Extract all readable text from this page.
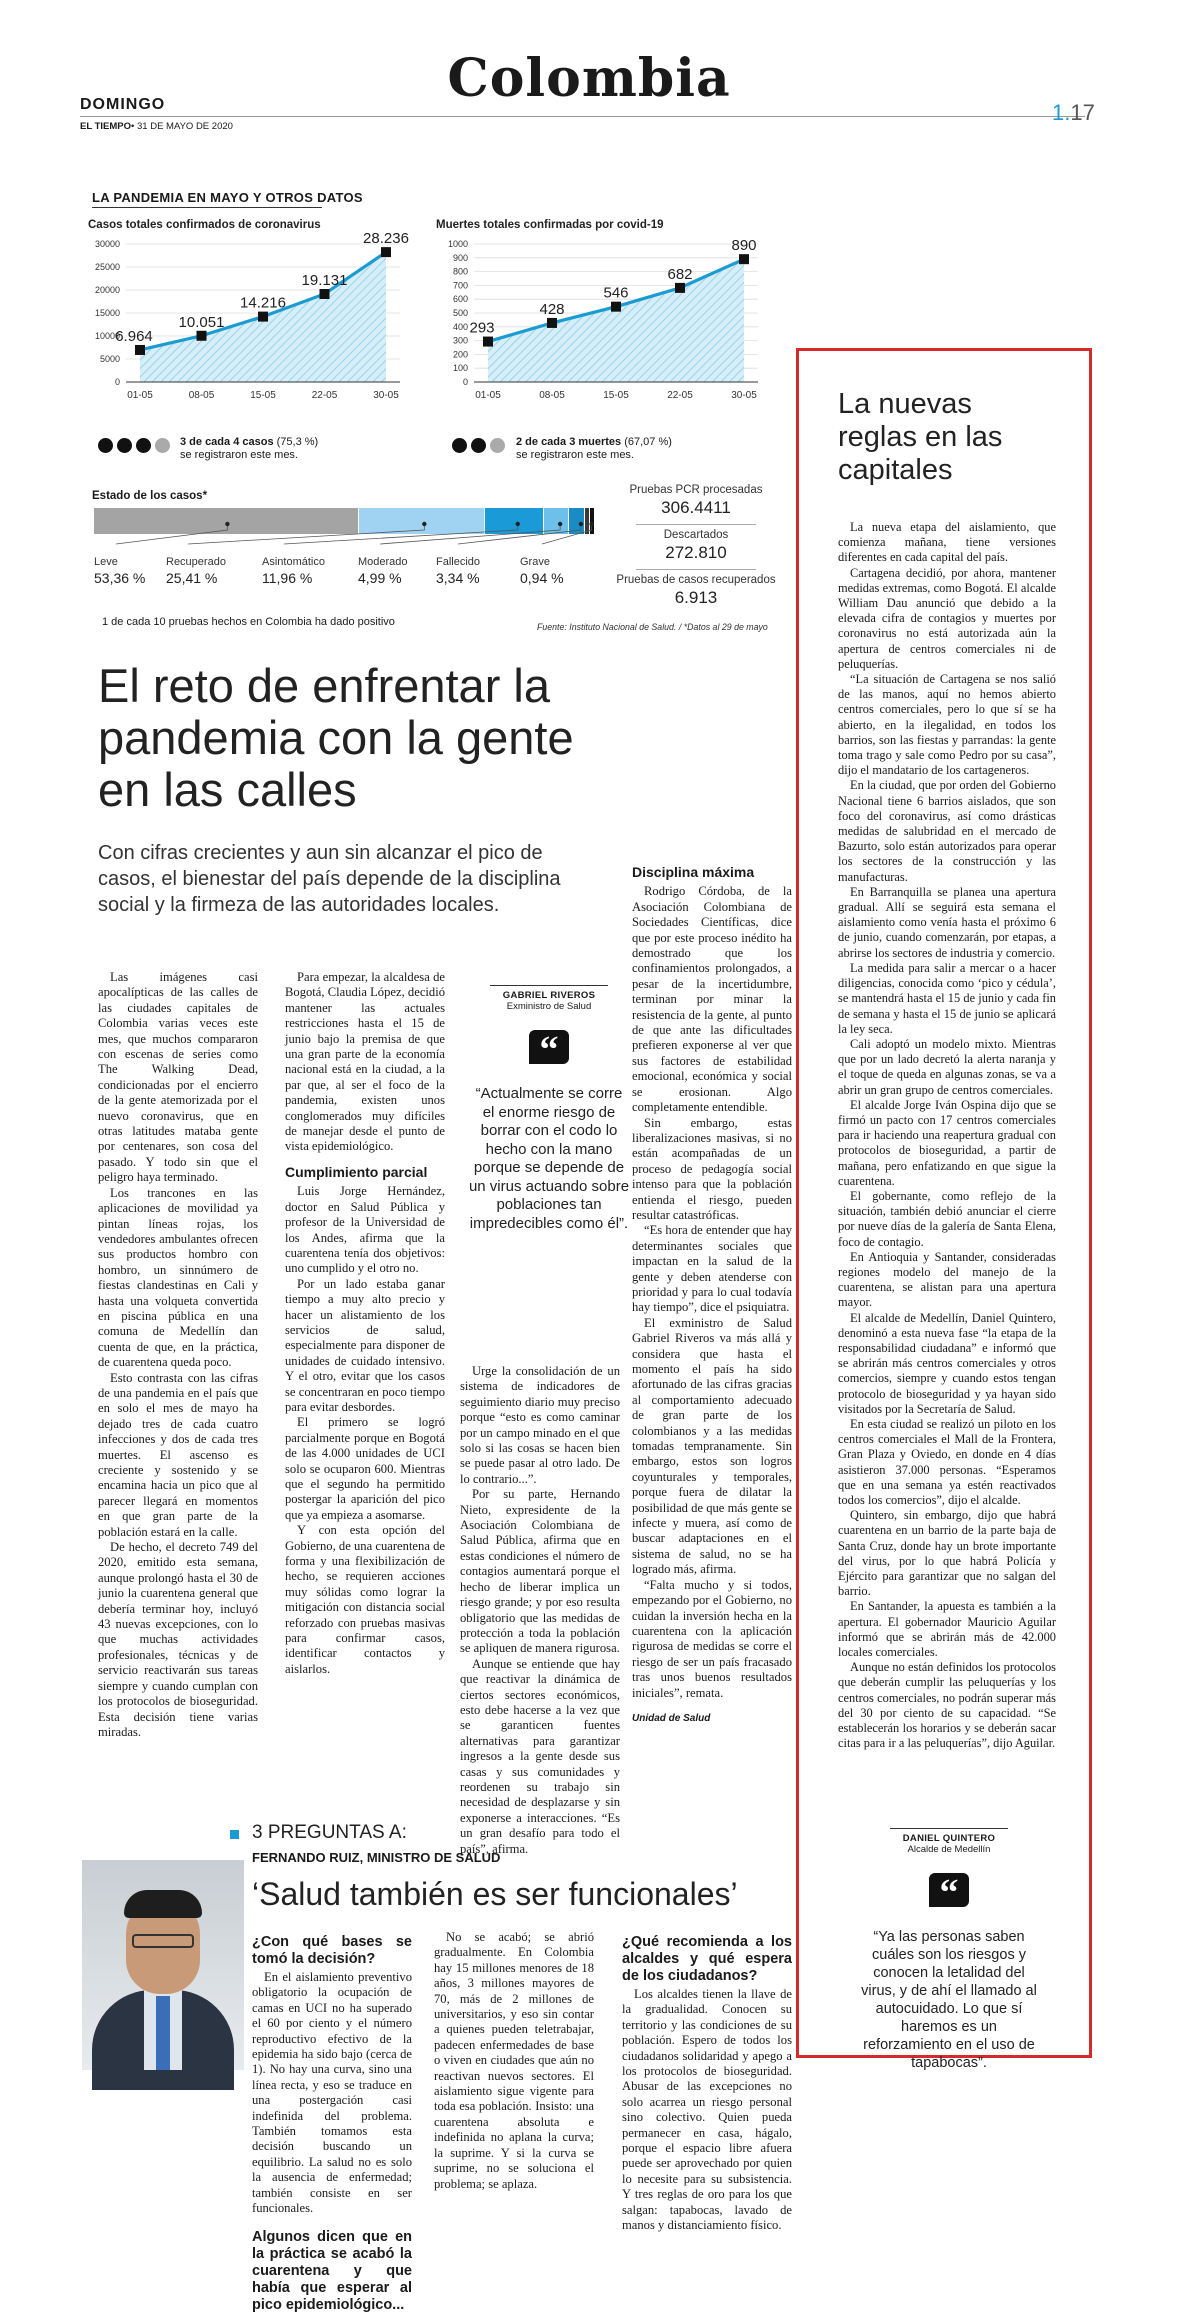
Colombia
DOMINGO
EL TIEMPO• 31 DE MAYO DE 2020
1.17
LA PANDEMIA EN MAYO Y OTROS DATOS
Casos totales confirmados de coronavirus
0
5000
10000
15000
20000
25000
30000
6.964
01-05
10.051
08-05
14.216
15-05
19.131
22-05
28.236
30-05
Muertes totales confirmadas por covid-19
0
100
200
300
400
500
600
700
800
900
1000
293
01-05
428
08-05
546
15-05
682
22-05
890
30-05
3 de cada 4 casos (75,3 %)
se registraron este mes.
2 de cada 3 muertes (67,07 %)
se registraron este mes.
Estado de los casos*
Leve
53,36 %
Recuperado
25,41 %
Asintomático
11,96 %
Moderado
4,99 %
Fallecido
3,34 %
Grave
0,94 %
1 de cada 10 pruebas hechos en Colombia ha dado positivo	Fuente: Instituto Nacional de Salud. / *Datos al 29 de mayo
Pruebas PCR procesadas
306.4411
Descartados
272.810
Pruebas de casos recuperados
6.913
El reto de enfrentar la pandemia con la gente en las calles
Con cifras crecientes y aun sin alcanzar el pico de casos, el bienestar del país depende de la disciplina social y la firmeza de las autoridades locales.

Las imágenes casi apocalípticas de las calles de las ciudades capitales de Colombia varias veces este mes, que muchos compararon con escenas de series como The Walking Dead, condicionadas por el encierro de la gente atemorizada por el nuevo coronavirus, que en otras latitudes mataba gente por centenares, son cosa del pasado. Y todo sin que el peligro haya terminado.

Los trancones en las aplicaciones de movilidad ya pintan líneas rojas, los vendedores ambulantes ofrecen sus productos hombro con hombro, un sinnúmero de fiestas clandestinas en Cali y hasta una volqueta convertida en piscina pública en una comuna de Medellín dan cuenta de que, en la práctica, de cuarentena queda poco.

Esto contrasta con las cifras de una pandemia en el país que en solo el mes de mayo ha dejado tres de cada cuatro infecciones y dos de cada tres muertes. El ascenso es creciente y sostenido y se encamina hacia un pico que al parecer llegará en momentos en que gran parte de la población estará en la calle.

De hecho, el decreto 749 del 2020, emitido esta semana, aunque prolongó hasta el 30 de junio la cuarentena general que debería terminar hoy, incluyó 43 nuevas excepciones, con lo que muchas actividades profesionales, técnicas y de servicio reactivarán sus tareas siempre y cuando cumplan con los protocolos de bioseguridad. Esta decisión tiene varias miradas.

Para empezar, la alcaldesa de Bogotá, Claudia López, decidió mantener las actuales restricciones hasta el 15 de junio bajo la premisa de que una gran parte de la economía nacional está en la ciudad, a la par que, al ser el foco de la pandemia, existen unos conglomerados muy difíciles de manejar desde el punto de vista epidemiológico.

Cumplimiento parcial

Luis Jorge Hernández, doctor en Salud Pública y profesor de la Universidad de los Andes, afirma que la cuarentena tenía dos objetivos: uno cumplido y el otro no.

Por un lado estaba ganar tiempo a muy alto precio y hacer un alistamiento de los servicios de salud, especialmente para disponer de unidades de cuidado intensivo. Y el otro, evitar que los casos se concentraran en poco tiempo para evitar desbordes.

El primero se logró parcialmente porque en Bogotá de las 4.000 unidades de UCI solo se ocuparon 600. Mientras que el segundo ha permitido postergar la aparición del pico que ya empieza a asomarse.

Y con esta opción del Gobierno, de una cuarentena de forma y una flexibilización de hecho, se requieren acciones muy sólidas como lograr la mitigación con distancia social reforzado con pruebas masivas para confirmar casos, identificar contactos y aislarlos.

GABRIEL RIVEROS
Exministro de Salud
“
“Actualmente se corre el enorme riesgo de borrar con el codo lo hecho con la mano porque se depende de un virus actuando sobre poblaciones tan impredecibles como él”.

Urge la consolidación de un sistema de indicadores de seguimiento diario muy preciso porque “esto es como caminar por un campo minado en el que solo si las cosas se hacen bien se puede pasar al otro lado. De lo contrario...”.

Por su parte, Hernando Nieto, expresidente de la Asociación Colombiana de Salud Pública, afirma que en estas condiciones el número de contagios aumentará porque el hecho de liberar implica un riesgo grande; y por eso resulta obligatorio que las medidas de protección a toda la población se apliquen de manera rigurosa.

Aunque se entiende que hay que reactivar la dinámica de ciertos sectores económicos, esto debe hacerse a la vez que se garanticen fuentes alternativas para garantizar ingresos a la gente desde sus casas y sus comunidades y reordenen su trabajo sin necesidad de desplazarse y sin exponerse a interacciones. “Es un gran desafío para todo el país”, afirma.

Disciplina máxima

Rodrigo Córdoba, de la Asociación Colombiana de Sociedades Científicas, dice que por este proceso inédito ha demostrado que los confinamientos prolongados, a pesar de la incertidumbre, terminan por minar la resistencia de la gente, al punto de que ante las dificultades prefieren exponerse al ver que sus factores de estabilidad emocional, económica y social se erosionan. Algo completamente entendible.

Sin embargo, estas liberalizaciones masivas, si no están acompañadas de un proceso de pedagogía social intenso para que la población entienda el riesgo, pueden resultar catastróficas.

“Es hora de entender que hay determinantes sociales que impactan en la salud de la gente y deben atenderse con prioridad y para lo cual todavía hay tiempo”, dice el psiquiatra.

El exministro de Salud Gabriel Riveros va más allá y considera que hasta el momento el país ha sido afortunado de las cifras gracias al comportamiento adecuado de gran parte de los colombianos y a las medidas tomadas tempranamente. Sin embargo, estos son logros coyunturales y temporales, porque fuera de dilatar la posibilidad de que más gente se infecte y muera, así como de buscar adaptaciones en el sistema de salud, no se ha logrado más, afirma.

“Falta mucho y si todos, empezando por el Gobierno, no cuidan la inversión hecha en la cuarentena con la aplicación rigurosa de medidas se corre el riesgo de ser un país fracasado tras unos buenos resultados iniciales”, remata.

Unidad de Salud
3 PREGUNTAS A:
FERNANDO RUIZ, MINISTRO DE SALUD
‘Salud también es ser funcionales’
¿Con qué bases se tomó la decisión?

En el aislamiento preventivo obligatorio la ocupación de camas en UCI no ha superado el 60 por ciento y el número reproductivo efectivo de la epidemia ha sido bajo (cerca de 1). No hay una curva, sino una línea recta, y eso se traduce en una postergación casi indefinida del problema. También tomamos esta decisión buscando un equilibrio. La salud no es solo la ausencia de enfermedad; también consiste en ser funcionales.

Algunos dicen que en la práctica se acabó la cuarentena y que había que esperar al pico epidemiológico...

No se acabó; se abrió gradualmente. En Colombia hay 15 millones menores de 18 años, 3 millones mayores de 70, más de 2 millones de universitarios, y eso sin contar a quienes pueden teletrabajar, padecen enfermedades de base o viven en ciudades que aún no reactivan nuevos sectores. El aislamiento sigue vigente para toda esa población. Insisto: una cuarentena absoluta e indefinida no aplana la curva; la suprime. Y si la curva se suprime, no se soluciona el problema; se aplaza.

¿Qué recomienda a los alcaldes y qué espera de los ciudadanos?

Los alcaldes tienen la llave de la gradualidad. Conocen su territorio y las condiciones de su población. Espero de todos los ciudadanos solidaridad y apego a los protocolos de bioseguridad. Abusar de las excepciones no solo acarrea un riesgo personal sino colectivo. Quien pueda permanecer en casa, hágalo, porque el espacio libre afuera puede ser aprovechado por quien lo necesite para su subsistencia. Y tres reglas de oro para los que salgan: tapabocas, lavado de manos y distanciamiento físico.

La nuevas reglas en las capitales

La nueva etapa del aislamiento, que comienza mañana, tiene versiones diferentes en cada capital del país.

Cartagena decidió, por ahora, mantener medidas extremas, como Bogotá. El alcalde William Dau anunció que debido a la elevada cifra de contagios y muertes por coronavirus no está autorizada aún la apertura de centros comerciales ni de peluquerías.

“La situación de Cartagena se nos salió de las manos, aquí no hemos abierto centros comerciales, pero lo que sí se ha abierto, en la ilegalidad, en todos los barrios, son las fiestas y parrandas: la gente toma trago y sale como Pedro por su casa”, dijo el mandatario de los cartageneros.

En la ciudad, que por orden del Gobierno Nacional tiene 6 barrios aislados, que son foco del coronavirus, así como drásticas medidas de salubridad en el mercado de Bazurto, solo están autorizados para operar los sectores de la construcción y las manufacturas.

En Barranquilla se planea una apertura gradual. Allí se seguirá esta semana el aislamiento como venía hasta el próximo 6 de junio, cuando comenzarán, por etapas, a abrirse los sectores de industria y comercio.

La medida para salir a mercar o a hacer diligencias, conocida como ‘pico y cédula’, se mantendrá hasta el 15 de junio y cada fin de semana y hasta el 15 de junio se aplicará la ley seca.

Cali adoptó un modelo mixto. Mientras que por un lado decretó la alerta naranja y el toque de queda en algunas zonas, se va a abrir un gran grupo de centros comerciales.

El alcalde Jorge Iván Ospina dijo que se firmó un pacto con 17 centros comerciales para ir haciendo una reapertura gradual con protocolos de bioseguridad, a partir de mañana, pero enfatizando en que sigue la cuarentena.

El gobernante, como reflejo de la situación, también debió anunciar el cierre por nueve días de la galería de Santa Elena, foco de contagio.

En Antioquia y Santander, consideradas regiones modelo del manejo de la cuarentena, se alistan para una apertura mayor.

El alcalde de Medellín, Daniel Quintero, denominó a esta nueva fase “la etapa de la responsabilidad ciudadana” e informó que se abrirán más centros comerciales y otros comercios, siempre y cuando estos tengan protocolo de bioseguridad y ya hayan sido visitados por la Secretaría de Salud.

En esta ciudad se realizó un piloto en los centros comerciales el Mall de la Frontera, Gran Plaza y Oviedo, en donde en 4 días asistieron 37.000 personas. “Esperamos que en una semana ya estén reactivados todos los comercios”, dijo el alcalde.

Quintero, sin embargo, dijo que habrá cuarentena en un barrio de la parte baja de Santa Cruz, donde hay un brote importante del virus, por lo que habrá Policía y Ejército para garantizar que no salgan del barrio.

En Santander, la apuesta es también a la apertura. El gobernador Mauricio Aguilar informó que se abrirán más de 42.000 locales comerciales.

Aunque no están definidos los protocolos que deberán cumplir las peluquerías y los centros comerciales, no podrán superar más del 30 por ciento de su capacidad. “Se establecerán los horarios y se deberán sacar citas para ir a las peluquerías”, dijo Aguilar.

DANIEL QUINTERO
Alcalde de Medellín
“
“Ya las personas saben cuáles son los riesgos y conocen la letalidad del virus, y de ahí el llamado al autocuidado. Lo que sí haremos es un reforzamiento en el uso de tapabocas”.
